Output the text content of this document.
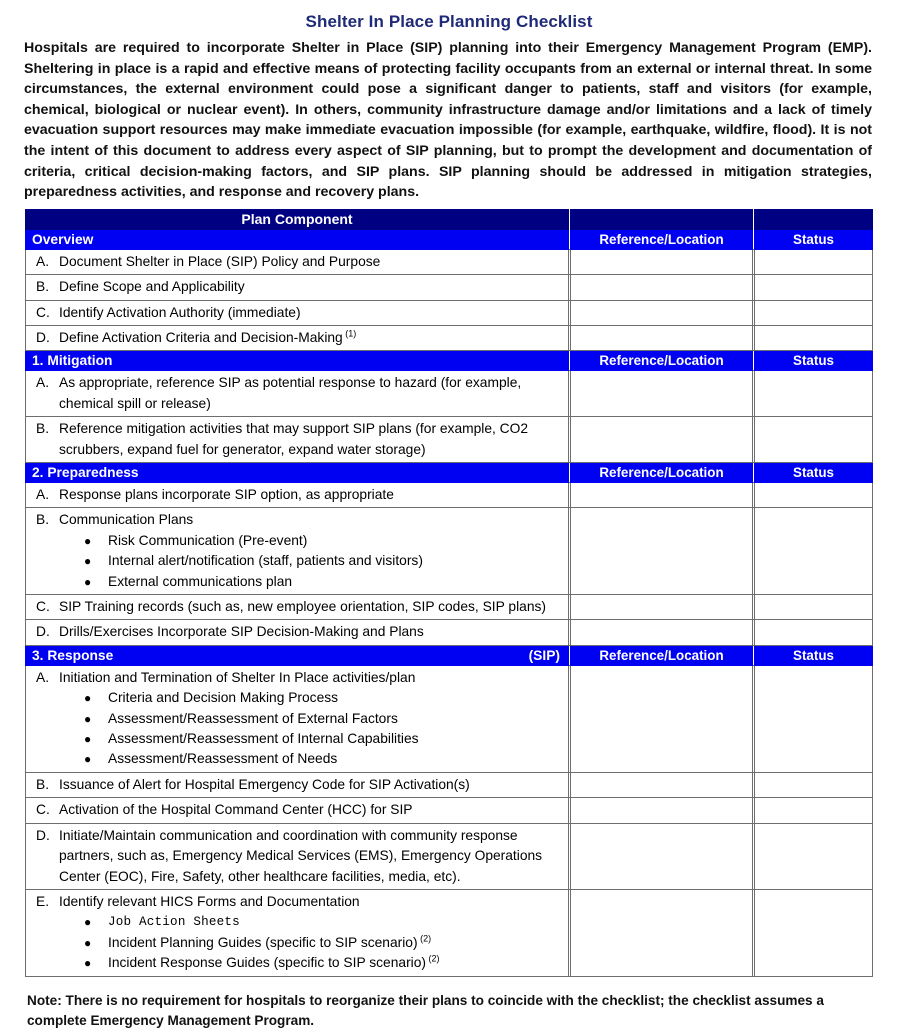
Shelter In Place Planning Checklist

Hospitals are required to incorporate Shelter in Place (SIP) planning into their Emergency Management Program (EMP). Sheltering in place is a rapid and effective means of protecting facility occupants from an external or internal threat. In some circumstances, the external environment could pose a significant danger to patients, staff and visitors (for example, chemical, biological or nuclear event). In others, community infrastructure damage and/or limitations and a lack of timely evacuation support resources may make immediate evacuation impossible (for example, earthquake, wildfire, flood). It is not the intent of this document to address every aspect of SIP planning, but to prompt the development and documentation of criteria, critical decision-making factors, and SIP plans. SIP planning should be addressed in mitigation strategies, preparedness activities, and response and recovery plans.

Plan Component				

Overview		Reference/Location		Status

A. Document Shelter in Place (SIP) Policy and Purpose				

B. Define Scope and Applicability				

C. Identify Activation Authority (immediate)				

D. Define Activation Criteria and Decision-Making $^{(1)}$

1. Mitigation		Reference/Location		Status

A. As appropriate, reference SIP as potential response to hazard (for example, chemical spill or release)				

B. Reference mitigation activities that may support SIP plans (for example, CO2 scrubbers, expand fuel for generator, expand water storage)				

2. Preparedness		Reference/Location		Status

A. Response plans incorporate SIP option, as appropriate				

B. Communication Plans
●	Risk Communication (Pre-event)
●	Internal alert/notification (staff, patients and visitors)
●	External communications plan

C. SIP Training records (such as, new employee orientation, SIP codes, SIP plans)				

D. Drills/Exercises Incorporate SIP Decision-Making and Plans				

3. Response (SIP)		Reference/Location		Status

A. Initiation and Termination of Shelter In Place activities/plan
●	Criteria and Decision Making Process
●	Assessment/Reassessment of External Factors
●	Assessment/Reassessment of Internal Capabilities
●	Assessment/Reassessment of Needs

B. Issuance of Alert for Hospital Emergency Code for SIP Activation(s)				

C. Activation of the Hospital Command Center (HCC) for SIP				

D. Initiate/Maintain communication and coordination with community response partners, such as, Emergency Medical Services (EMS), Emergency Operations Center (EOC), Fire, Safety, other healthcare facilities, media, etc).				

E. Identify relevant HICS Forms and Documentation
●	Job Action Sheets
●	Incident Planning Guides (specific to SIP scenario) $^{(2)}$
●	Incident Response Guides (specific to SIP scenario) $^{(2)}$

Note: There is no requirement for hospitals to reorganize their plans to coincide with the checklist; the checklist assumes a complete Emergency Management Program.
